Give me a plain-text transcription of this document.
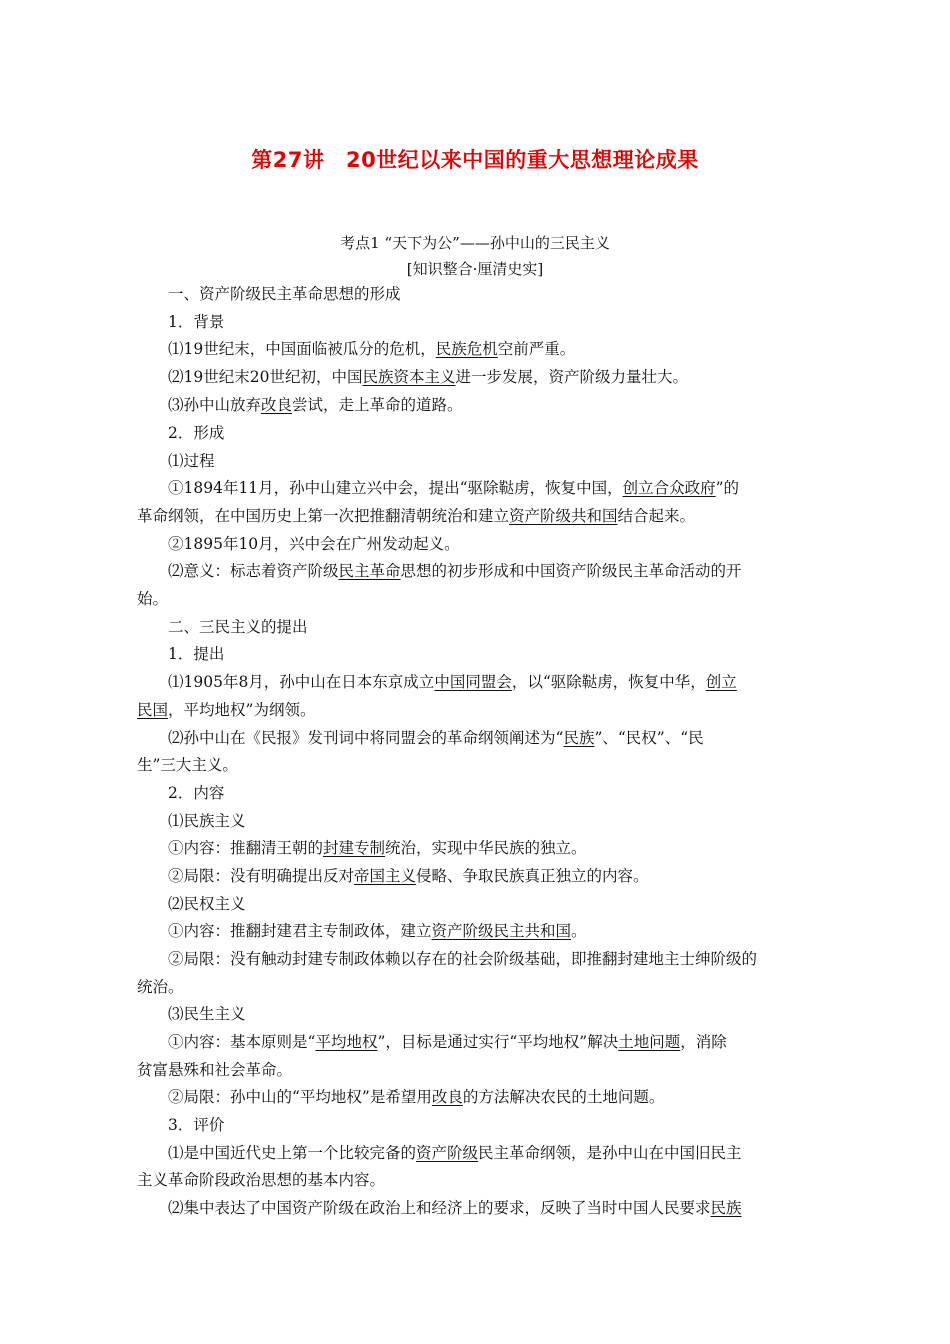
第27讲　20世纪以来中国的重大思想理论成果
考点1 “天下为公”——孙中山的三民主义
[知识整合·厘清史实]
一、资产阶级民主革命思想的形成
1．背景
⑴19世纪末，中国面临被瓜分的危机，民族危机空前严重。
⑵19世纪末20世纪初，中国民族资本主义进一步发展，资产阶级力量壮大。
⑶孙中山放弃改良尝试，走上革命的道路。
2．形成
⑴过程
①1894年11月，孙中山建立兴中会，提出“驱除鞑虏，恢复中国，创立合众政府”的
革命纲领，在中国历史上第一次把推翻清朝统治和建立资产阶级共和国结合起来。
②1895年10月，兴中会在广州发动起义。
⑵意义：标志着资产阶级民主革命思想的初步形成和中国资产阶级民主革命活动的开
始。
二、三民主义的提出
1．提出
⑴1905年8月，孙中山在日本东京成立中国同盟会，以“驱除鞑虏，恢复中华，创立
民国，平均地权”为纲领。
⑵孙中山在《民报》发刊词中将同盟会的革命纲领阐述为“民族”、“民权”、“民
生”三大主义。
2．内容
⑴民族主义
①内容：推翻清王朝的封建专制统治，实现中华民族的独立。
②局限：没有明确提出反对帝国主义侵略、争取民族真正独立的内容。
⑵民权主义
①内容：推翻封建君主专制政体，建立资产阶级民主共和国。
②局限：没有触动封建专制政体赖以存在的社会阶级基础，即推翻封建地主士绅阶级的
统治。
⑶民生主义
①内容：基本原则是“平均地权”，目标是通过实行“平均地权”解决土地问题，消除
贫富悬殊和社会革命。
②局限：孙中山的“平均地权”是希望用改良的方法解决农民的土地问题。
3．评价
⑴是中国近代史上第一个比较完备的资产阶级民主革命纲领，是孙中山在中国旧民主
主义革命阶段政治思想的基本内容。
⑵集中表达了中国资产阶级在政治上和经济上的要求，反映了当时中国人民要求民族
